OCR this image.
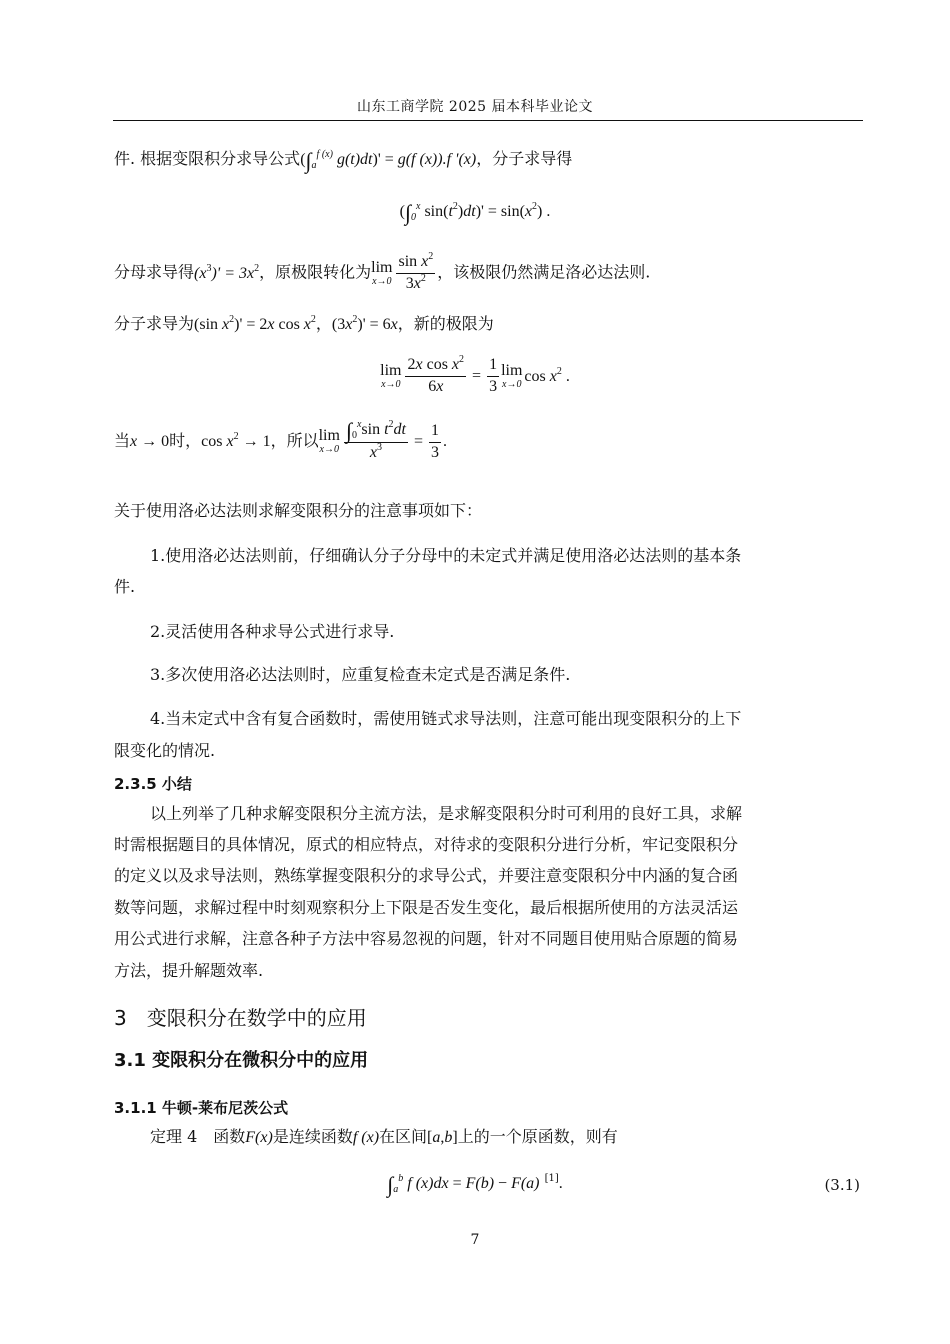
山东工商学院 2025 届本科毕业论文
件. 根据变限积分求导公式($\int_a^{f (x)}$ g(t)dt)' = g(f (x)).f '(x)，分子求导得
($\int_0^x$ $\sin(t^2)dt)' = \sin(x^2)$ .
分母求导得$(x^3)' = 3x^2$，原极限转化为 lim
$x\to 0 \frac{\sin x^2}{3x^2}$ ，该极限仍然满足洛必达法则.
分子求导为(sin $x^2)' = 2x$ $\cos x^2$，$(3x^2)' = 6x$，新的极限为
lim
$x\to 0 \frac{2x \cos x^2}{6x} = \frac{1}{3}$ lim
x→0 $\cos x^2$ .
当x → 0时，$\cos x^2 \to 1$，所以 lim
$x\to 0 \frac{\int_0^x\sin t^2dt}{x^3} = \frac{1}{3}$ .
关于使用洛必达法则求解变限积分的注意事项如下：
1.使用洛必达法则前，仔细确认分子分母中的未定式并满足使用洛必达法则的基本条
件.
2.灵活使用各种求导公式进行求导.
3.多次使用洛必达法则时，应重复检查未定式是否满足条件.
4.当未定式中含有复合函数时，需使用链式求导法则，注意可能出现变限积分的上下
限变化的情况.
2.3.5 小结
以上列举了几种求解变限积分主流方法，是求解变限积分时可利用的良好工具，求解
时需根据题目的具体情况，原式的相应特点，对待求的变限积分进行分析，牢记变限积分
的定义以及求导法则，熟练掌握变限积分的求导公式，并要注意变限积分中内涵的复合函
数等问题，求解过程中时刻观察积分上下限是否发生变化，最后根据所使用的方法灵活运
用公式进行求解，注意各种子方法中容易忽视的问题，针对不同题目使用贴合原题的简易
方法，提升解题效率.
3　变限积分在数学中的应用
3.1 变限积分在微积分中的应用
3.1.1 牛顿-莱布尼茨公式
定理 4　函数F(x)是连续函数f (x)在区间[a,b]上的一个原函数，则有
$\int_a^b$ f (x)dx = F(b) − F(a) [1].	(3.1)
7
